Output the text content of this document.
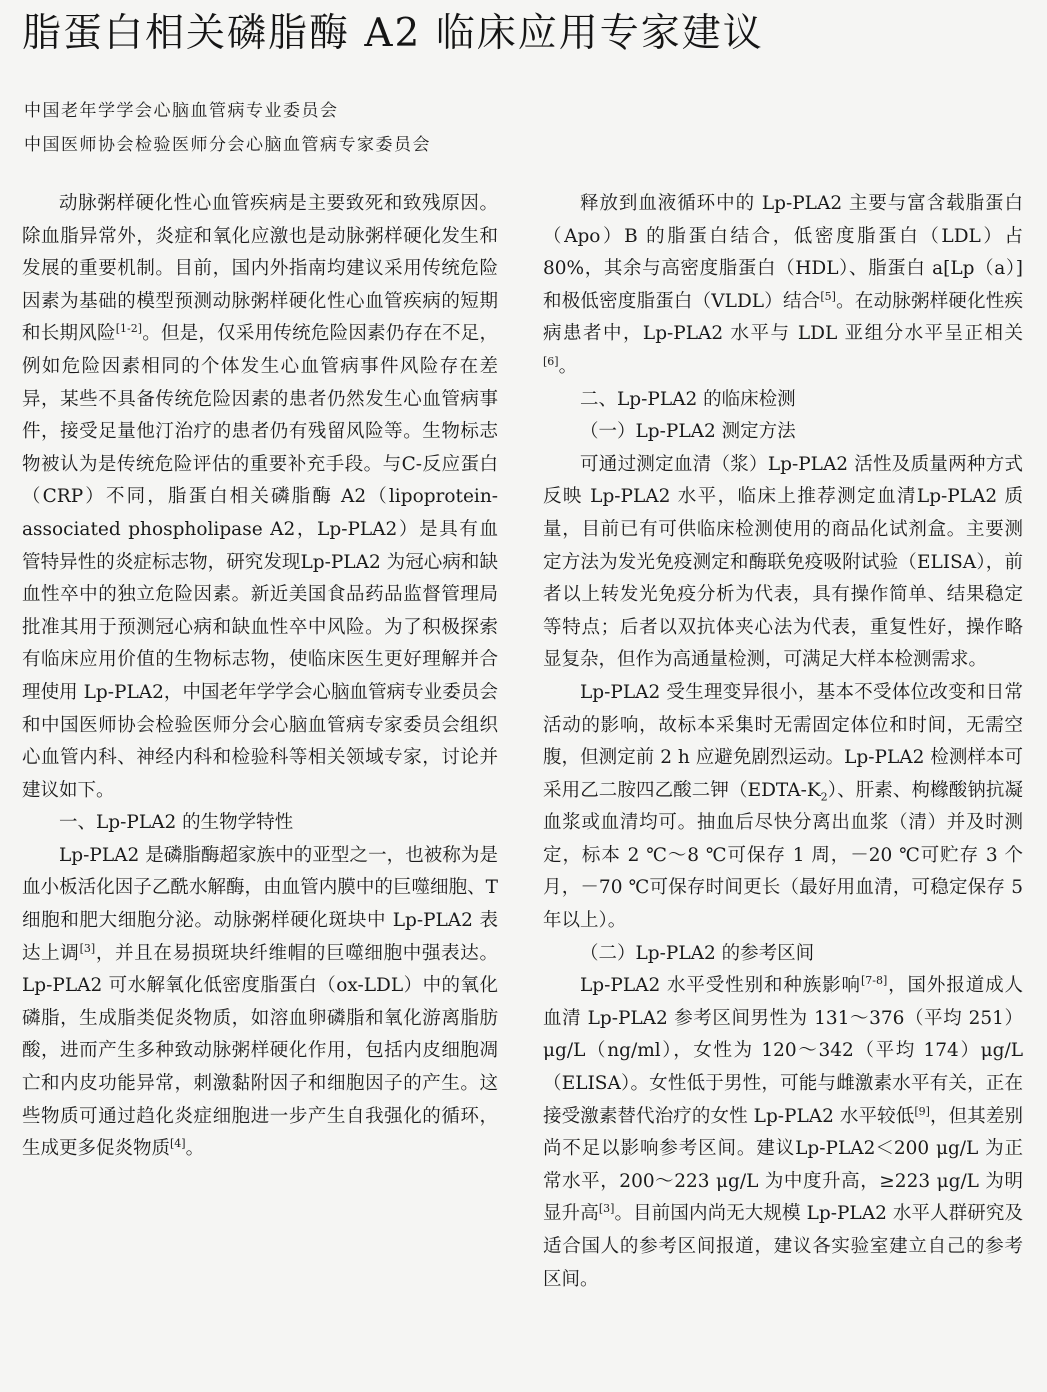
脂蛋白相关磷脂酶 A2 临床应用专家建议
中国老年学学会心脑血管病专业委员会
中国医师协会检验医师分会心脑血管病专家委员会

动脉粥样硬化性心血管疾病是主要致死和致残原因。除血脂异常外，炎症和氧化应激也是动脉粥样硬化发生和发展的重要机制。目前，国内外指南均建议采用传统危险因素为基础的模型预测动脉粥样硬化性心血管疾病的短期和长期风险[1-2]。但是，仅采用传统危险因素仍存在不足，例如危险因素相同的个体发生心血管病事件风险存在差异，某些不具备传统危险因素的患者仍然发生心血管病事件，接受足量他汀治疗的患者仍有残留风险等。生物标志物被认为是传统危险评估的重要补充手段。与C-反应蛋白（CRP）不同，脂蛋白相关磷脂酶 A2（lipoprotein-associated phospholipase A2，Lp-PLA2）是具有血管特异性的炎症标志物，研究发现Lp-PLA2 为冠心病和缺血性卒中的独立危险因素。新近美国食品药品监督管理局批准其用于预测冠心病和缺血性卒中风险。为了积极探索有临床应用价值的生物标志物，使临床医生更好理解并合理使用 Lp-PLA2，中国老年学学会心脑血管病专业委员会和中国医师协会检验医师分会心脑血管病专家委员会组织心血管内科、神经内科和检验科等相关领域专家，讨论并建议如下。

一、Lp-PLA2 的生物学特性

Lp-PLA2 是磷脂酶超家族中的亚型之一，也被称为是血小板活化因子乙酰水解酶，由血管内膜中的巨噬细胞、T 细胞和肥大细胞分泌。动脉粥样硬化斑块中 Lp-PLA2 表达上调[3]，并且在易损斑块纤维帽的巨噬细胞中强表达。Lp-PLA2 可水解氧化低密度脂蛋白（ox-LDL）中的氧化磷脂，生成脂类促炎物质，如溶血卵磷脂和氧化游离脂肪酸，进而产生多种致动脉粥样硬化作用，包括内皮细胞凋亡和内皮功能异常，刺激黏附因子和细胞因子的产生。这些物质可通过趋化炎症细胞进一步产生自我强化的循环，生成更多促炎物质[4]。

释放到血液循环中的 Lp-PLA2 主要与富含载脂蛋白（Apo）B 的脂蛋白结合，低密度脂蛋白（LDL）占 80%，其余与高密度脂蛋白（HDL）、脂蛋白 a[Lp（a）]和极低密度脂蛋白（VLDL）结合[5]。在动脉粥样硬化性疾病患者中，Lp-PLA2 水平与 LDL 亚组分水平呈正相关[6]。

二、Lp-PLA2 的临床检测

（一）Lp-PLA2 测定方法

可通过测定血清（浆）Lp-PLA2 活性及质量两种方式反映 Lp-PLA2 水平，临床上推荐测定血清Lp-PLA2 质量，目前已有可供临床检测使用的商品化试剂盒。主要测定方法为发光免疫测定和酶联免疫吸附试验（ELISA），前者以上转发光免疫分析为代表，具有操作简单、结果稳定等特点；后者以双抗体夹心法为代表，重复性好，操作略显复杂，但作为高通量检测，可满足大样本检测需求。

Lp-PLA2 受生理变异很小，基本不受体位改变和日常活动的影响，故标本采集时无需固定体位和时间，无需空腹，但测定前 2 h 应避免剧烈运动。Lp-PLA2 检测样本可采用乙二胺四乙酸二钾$(EDTA-K_2)$、肝素、枸橼酸钠抗凝血浆或血清均可。抽血后尽快分离出血浆（清）并及时测定，标本 2 ℃～8 ℃可保存 1 周，－20 ℃可贮存 3 个月，－70 ℃可保存时间更长（最好用血清，可稳定保存 5 年以上）。

（二）Lp-PLA2 的参考区间

Lp-PLA2 水平受性别和种族影响[7-8]，国外报道成人血清 Lp-PLA2 参考区间男性为 131～376（平均 251）μg/L（ng/ml），女性为 120～342（平均 174）μg/L（ELISA）。女性低于男性，可能与雌激素水平有关，正在接受激素替代治疗的女性 Lp-PLA2 水平较低[9]，但其差别尚不足以影响参考区间。建议Lp-PLA2＜200 μg/L 为正常水平，200～223 μg/L 为中度升高，≥223 μg/L 为明显升高[3]。目前国内尚无大规模 Lp-PLA2 水平人群研究及适合国人的参考区间报道，建议各实验室建立自己的参考区间。
